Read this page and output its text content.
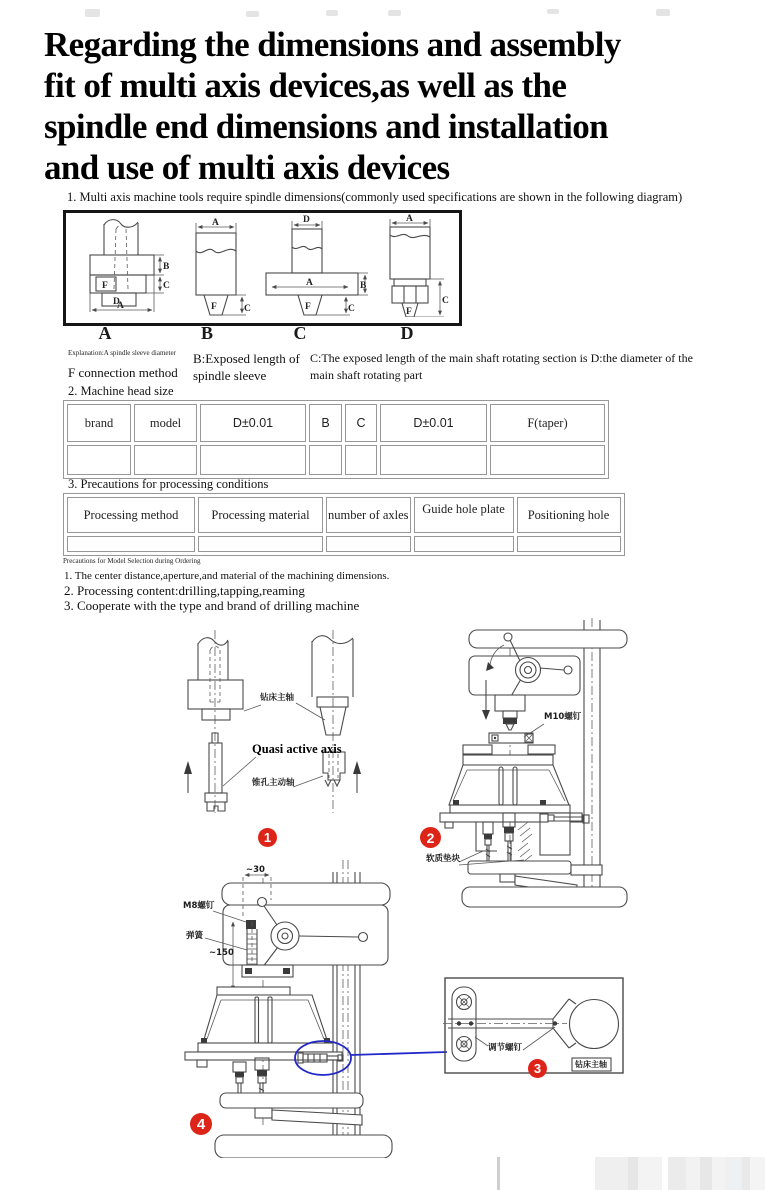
Regarding the dimensions and assembly
fit of multi axis devices,as well as the
spindle end dimensions and installation
and use of multi axis devices
1. Multi axis machine tools require spindle dimensions(commonly used specifications are shown in the following diagram)
B
C
F
D
A
A
F	C
D
A	B
F	C
A
F
C
A	B	C	D
Explanation:A spindle sleeve diameter
F connection method
B:Exposed length of
spindle sleeve
C:The exposed length of the main shaft rotating section is D:the diameter of the
main shaft rotating part
2. Machine head size
brand	model	D±0.01	B	C	D±0.01	F(taper)

3. Precautions for processing conditions
Processing method	Processing material	number of axles	Guide hole plate	Positioning hole

Precautions for Model Selection during Ordering
1. The center distance,aperture,and material of the machining dimensions.
2. Processing content:drilling,tapping,reaming
3. Cooperate with the type and brand of drilling machine
钻床主轴
Quasi active axis
锥孔主动轴
1
M10螺钉
软质垫块
2
~30
M8螺钉
弹簧
~150
4
调节螺钉
钻床主轴
3
